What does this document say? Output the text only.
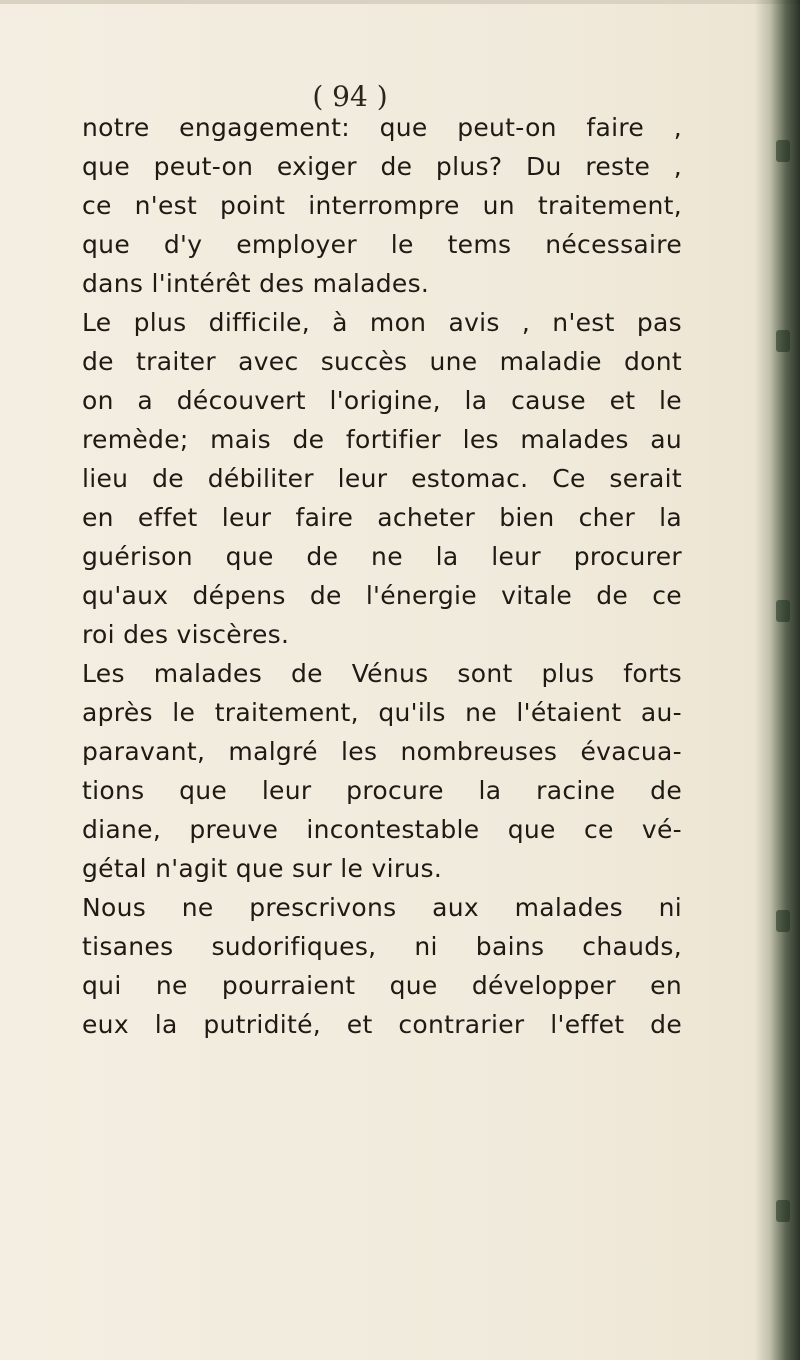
( 94 )
notre engagement: que peut-on faire ,
que peut-on exiger de plus? Du reste ,
ce n'est point interrompre un traitement,
que d'y employer le tems nécessaire
dans l'intérêt des malades.
Le plus difficile, à mon avis , n'est pas
de traiter avec succès une maladie dont
on a découvert l'origine, la cause et le
remède; mais de fortifier les malades au
lieu de débiliter leur estomac. Ce serait
en effet leur faire acheter bien cher la
guérison que de ne la leur procurer
qu'aux dépens de l'énergie vitale de ce
roi des viscères.
Les malades de Vénus sont plus forts
après le traitement, qu'ils ne l'étaient au-
paravant, malgré les nombreuses évacua-
tions que leur procure la racine de
diane, preuve incontestable que ce vé-
gétal n'agit que sur le virus.
Nous ne prescrivons aux malades ni
tisanes sudorifiques, ni bains chauds,
qui ne pourraient que développer en
eux la putridité, et contrarier l'effet de
